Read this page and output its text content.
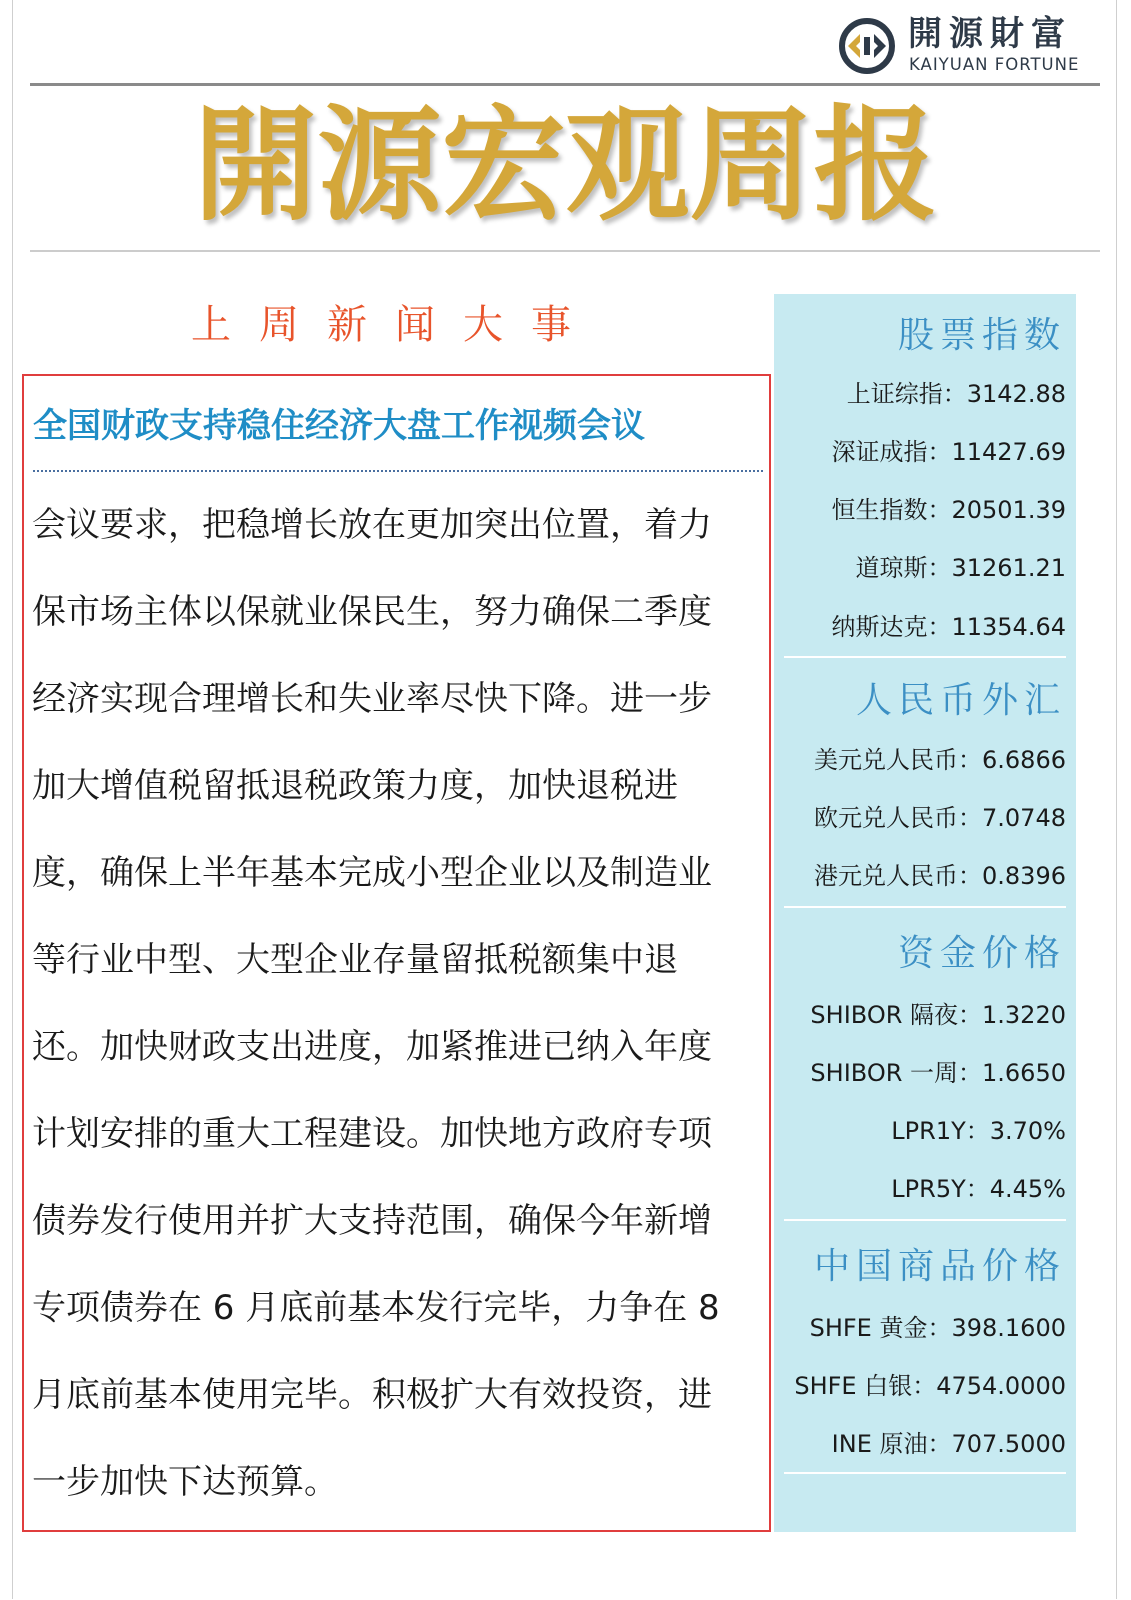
開源財富
KAIYUAN FORTUNE
開源宏观周报
上周新闻大事
全国财政支持稳住经济大盘工作视频会议
会议要求，把稳增长放在更加突出位置，着力
保市场主体以保就业保民生，努力确保二季度
经济实现合理增长和失业率尽快下降。进一步
加大增值税留抵退税政策力度，加快退税进
度，确保上半年基本完成小型企业以及制造业
等行业中型、大型企业存量留抵税额集中退
还。加快财政支出进度，加紧推进已纳入年度
计划安排的重大工程建设。加快地方政府专项
债券发行使用并扩大支持范围，确保今年新增
专项债券在 6 月底前基本发行完毕，力争在 8
月底前基本使用完毕。积极扩大有效投资，进
一步加快下达预算。
股票指数
上证综指：3142.88
深证成指：11427.69
恒生指数：20501.39
道琼斯：31261.21
纳斯达克：11354.64
人民币外汇
美元兑人民币：6.6866
欧元兑人民币：7.0748
港元兑人民币：0.8396
资金价格
SHIBOR 隔夜：1.3220
SHIBOR 一周：1.6650
LPR1Y：3.70%
LPR5Y：4.45%
中国商品价格
SHFE 黄金：398.1600
SHFE 白银：4754.0000
INE 原油：707.5000
